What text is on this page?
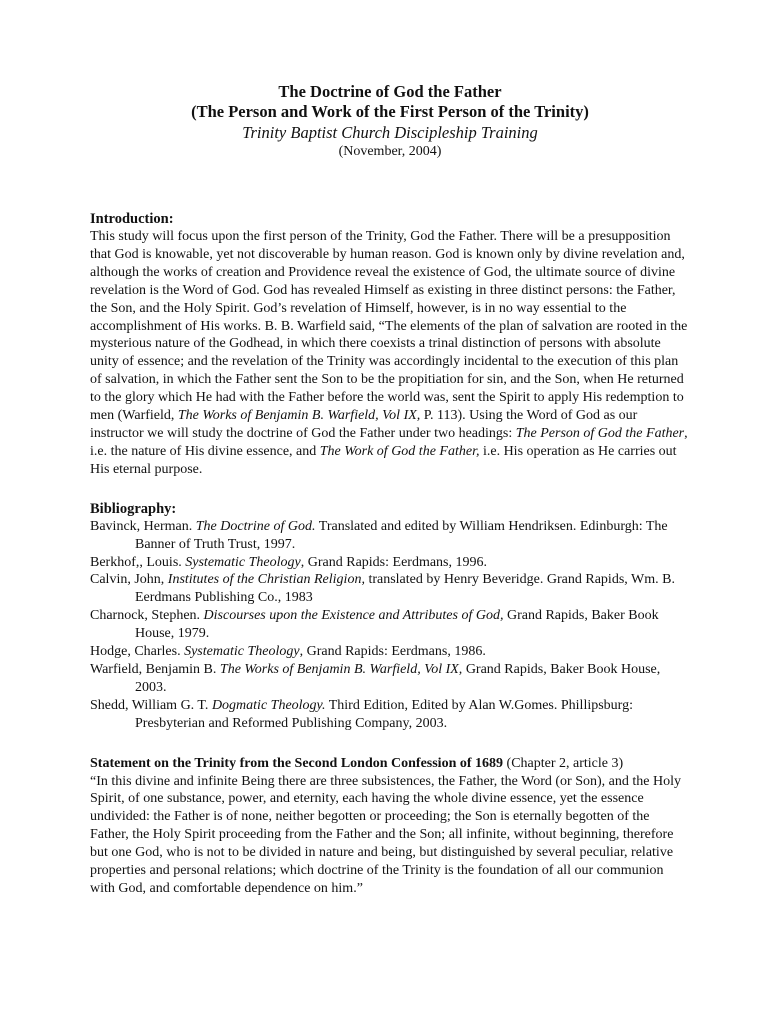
The Doctrine of God the Father

(The Person and Work of the First Person of the Trinity)

Trinity Baptist Church Discipleship Training

(November, 2004)

Introduction:

This study will focus upon the first person of the Trinity, God the Father. There will be a presupposition that God is knowable, yet not discoverable by human reason. God is known only by divine revelation and, although the works of creation and Providence reveal the existence of God, the ultimate source of divine revelation is the Word of God. God has revealed Himself as existing in three distinct persons: the Father, the Son, and the Holy Spirit. God’s revelation of Himself, however, is in no way essential to the accomplishment of His works. B. B. Warfield said, “The elements of the plan of salvation are rooted in the mysterious nature of the Godhead, in which there coexists a trinal distinction of persons with absolute unity of essence; and the revelation of the Trinity was accordingly incidental to the execution of this plan of salvation, in which the Father sent the Son to be the propitiation for sin, and the Son, when He returned to the glory which He had with the Father before the world was, sent the Spirit to apply His redemption to men (Warfield, The Works of Benjamin B. Warfield, Vol IX, P. 113). Using the Word of God as our instructor we will study the doctrine of God the Father under two headings: The Person of God the Father, i.e. the nature of His divine essence, and The Work of God the Father, i.e. His operation as He carries out His eternal purpose.

Bibliography:

Bavinck, Herman. The Doctrine of God. Translated and edited by William Hendriksen. Edinburgh: The Banner of Truth Trust, 1997.

Berkhof,, Louis. Systematic Theology, Grand Rapids: Eerdmans, 1996.

Calvin, John, Institutes of the Christian Religion, translated by Henry Beveridge. Grand Rapids, Wm. B. Eerdmans Publishing Co., 1983

Charnock, Stephen. Discourses upon the Existence and Attributes of God, Grand Rapids, Baker Book House, 1979.

Hodge, Charles. Systematic Theology, Grand Rapids: Eerdmans, 1986.

Warfield, Benjamin B. The Works of Benjamin B. Warfield, Vol IX, Grand Rapids, Baker Book House, 2003.

Shedd, William G. T. Dogmatic Theology. Third Edition, Edited by Alan W.Gomes. Phillipsburg: Presbyterian and Reformed Publishing Company, 2003.

Statement on the Trinity from the Second London Confession of 1689 (Chapter 2, article 3)

“In this divine and infinite Being there are three subsistences, the Father, the Word (or Son), and the Holy Spirit, of one substance, power, and eternity, each having the whole divine essence, yet the essence undivided: the Father is of none, neither begotten or proceeding; the Son is eternally begotten of the Father, the Holy Spirit proceeding from the Father and the Son; all infinite, without beginning, therefore but one God, who is not to be divided in nature and being, but distinguished by several peculiar, relative properties and personal relations; which doctrine of the Trinity is the foundation of all our communion with God, and comfortable dependence on him.”
